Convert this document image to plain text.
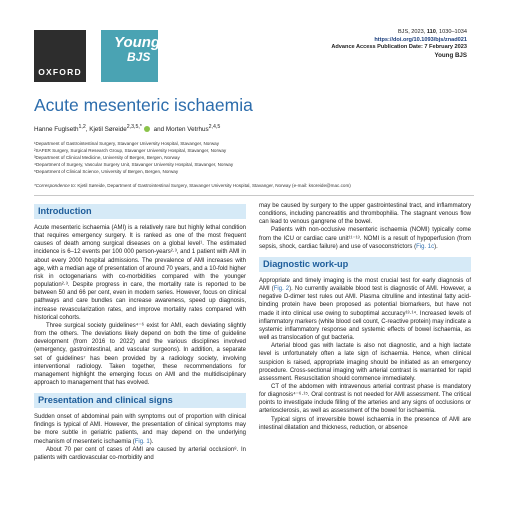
OXFORD
Young
BJS
BJS, 2023, 110, 1030–1034
https://doi.org/10.1093/bjs/znad021
Advance Access Publication Date: 7 February 2023
Young BJS
Acute mesenteric ischaemia
Hanne Fuglseth$^{1,2}$, Kjetil Søreide$^{2,3,5,*}$ and Morten Vetrhus$^{2,4,5}$
¹Department of Gastrointestinal Surgery, Stavanger University Hospital, Stavanger, Norway
²SAFER Surgery, Surgical Research Group, Stavanger University Hospital, Stavanger, Norway
³Department of Clinical Medicine, University of Bergen, Bergen, Norway
⁴Department of Surgery, Vascular Surgery Unit, Stavanger University Hospital, Stavanger, Norway
⁵Department of Clinical Science, University of Bergen, Bergen, Norway
*Correspondence to: Kjetil Søreide, Department of Gastrointestinal Surgery, Stavanger University Hospital, Stavanger, Norway (e-mail: ksoreide@mac.com)
Introduction

Acute mesenteric ischaemia (AMI) is a relatively rare but highly lethal condition that requires emergency surgery. It is ranked as one of the most frequent causes of death among surgical diseases on a global level¹. The estimated incidence is 6–12 events per 100 000 person-years²·³, and 1 patient with AMI in about every 2000 hospital admissions. The prevalence of AMI increases with age, with a median age of presentation of around 70 years, and a 10-fold higher risk in octogenarians with co-morbidities compared with the younger population²·³. Despite progress in care, the mortality rate is reported to be between 50 and 66 per cent, even in modern series. However, focus on clinical pathways and care bundles can increase awareness, speed up diagnosis, increase revascularization rates, and improve mortality rates compared with historical cohorts.

Three surgical society guidelines⁴⁻⁶ exist for AMI, each deviating slightly from the others. The deviations likely depend on both the time of guideline development (from 2016 to 2022) and the various disciplines involved (emergency, gastrointestinal, and vascular surgeons). In addition, a separate set of guidelines⁷ has been provided by a radiology society, involving interventional radiology. Taken together, these recommendations for management highlight the emerging focus on AMI and the multidisciplinary approach to management that has evolved.

Presentation and clinical signs

Sudden onset of abdominal pain with symptoms out of proportion with clinical findings is typical of AMI. However, the presentation of clinical symptoms may be more subtle in geriatric patients, and may depend on the underlying mechanism of mesenteric ischaemia (Fig. 1).

About 70 per cent of cases of AMI are caused by arterial occlusion⁸. In patients with cardiovascular co-morbidity and

may be caused by surgery to the upper gastrointestinal tract, and inflammatory conditions, including pancreatitis and thrombophilia. The stagnant venous flow can lead to venous gangrene of the bowel.

Patients with non-occlusive mesenteric ischaemia (NOMI) typically come from the ICU or cardiac care unit¹¹⁻¹³. NOMI is a result of hypoperfusion (from sepsis, shock, cardiac failure) and use of vasoconstrictors (Fig. 1c).

Diagnostic work-up

Appropriate and timely imaging is the most crucial test for early diagnosis of AMI (Fig. 2). No currently available blood test is diagnostic of AMI. However, a negative D-dimer test rules out AMI. Plasma citrulline and intestinal fatty acid-binding protein have been proposed as potential biomarkers, but have not made it into clinical use owing to suboptimal accuracy¹³·¹⁴. Increased levels of inflammatory markers (white blood cell count, C-reactive protein) may indicate a systemic inflammatory response and systemic effects of bowel ischaemia, as well as translocation of gut bacteria.

Arterial blood gas with lactate is also not diagnostic, and a high lactate level is unfortunately often a late sign of ischaemia. Hence, when clinical suspicion is raised, appropriate imaging should be initiated as an emergency procedure. Cross-sectional imaging with arterial contrast is warranted for rapid assessment. Resuscitation should commence immediately.

CT of the abdomen with intravenous arterial contrast phase is mandatory for diagnosis⁴⁻⁶·¹⁵. Oral contrast is not needed for AMI assessment. The critical points to investigate include filling of the arteries and any signs of occlusions or arteriosclerosis, as well as assessment of the bowel for ischaemia.

Typical signs of irreversible bowel ischaemia in the presence of AMI are intestinal dilatation and thickness, reduction, or absence
